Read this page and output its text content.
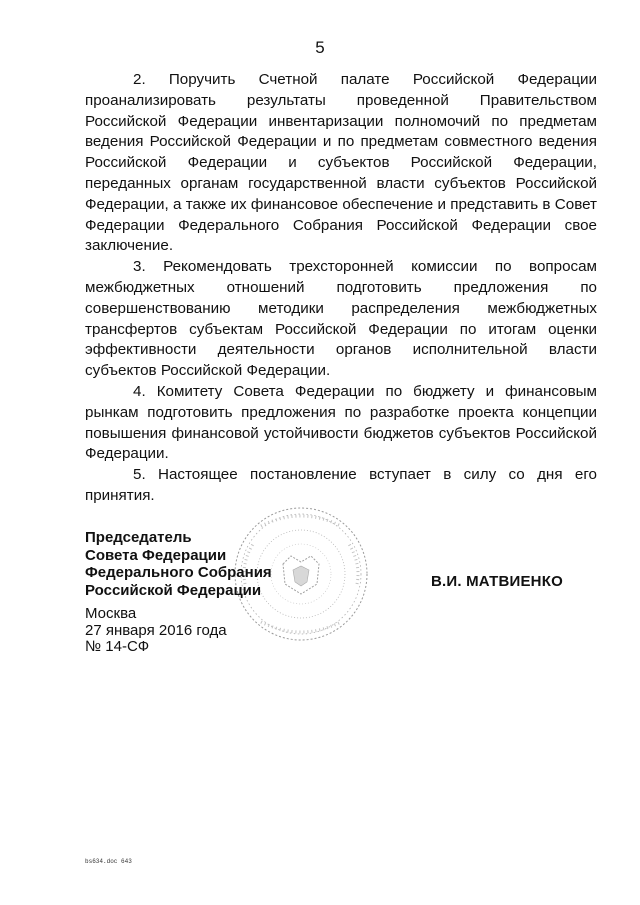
5

2. Поручить Счетной палате Российской Федерации проанализировать результаты проведенной Правительством Российской Федерации инвентаризации полномочий по предметам ведения Российской Федерации и по предметам совместного ведения Российской Федерации и субъектов Российской Федерации, переданных органам государственной власти субъектов Российской Федерации, а также их финансовое обеспечение и представить в Совет Федерации Федерального Собрания Российской Федерации свое заключение.

3. Рекомендовать трехсторонней комиссии по вопросам межбюджетных отношений подготовить предложения по совершенствованию методики распределения межбюджетных трансфертов субъектам Российской Федерации по итогам оценки эффективности деятельности органов исполнительной власти субъектов Российской Федерации.

4. Комитету Совета Федерации по бюджету и финансовым рынкам подготовить предложения по разработке проекта концепции повышения финансовой устойчивости бюджетов субъектов Российской Федерации.

5. Настоящее постановление вступает в силу со дня его принятия.

Председатель
Совета Федерации
Федерального Собрания
Российской Федерации	В.И. МАТВИЕНКО
Москва
27 января 2016 года
№ 14-СФ
bs634.doc 643
